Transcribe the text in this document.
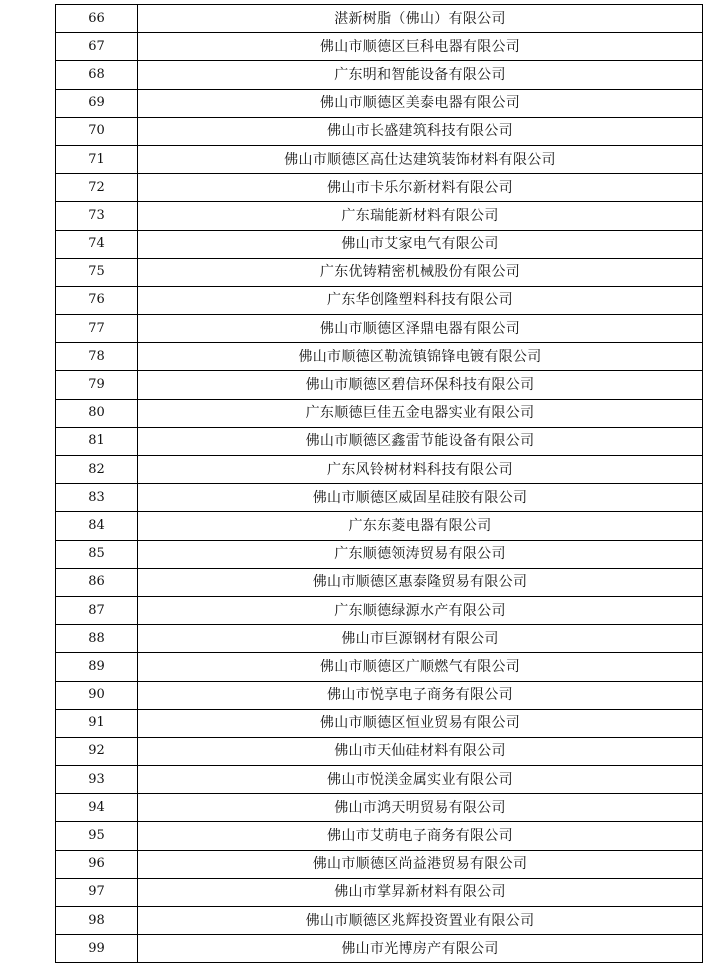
66	湛新树脂（佛山）有限公司
67	佛山市顺德区巨科电器有限公司
68	广东明和智能设备有限公司
69	佛山市顺德区美泰电器有限公司
70	佛山市长盛建筑科技有限公司
71	佛山市顺德区高仕达建筑装饰材料有限公司
72	佛山市卡乐尔新材料有限公司
73	广东瑞能新材料有限公司
74	佛山市艾家电气有限公司
75	广东优铸精密机械股份有限公司
76	广东华创隆塑料科技有限公司
77	佛山市顺德区泽鼎电器有限公司
78	佛山市顺德区勒流镇锦锋电镀有限公司
79	佛山市顺德区碧信环保科技有限公司
80	广东顺德巨佳五金电器实业有限公司
81	佛山市顺德区鑫雷节能设备有限公司
82	广东风铃树材料科技有限公司
83	佛山市顺德区威固星硅胶有限公司
84	广东东菱电器有限公司
85	广东顺德领涛贸易有限公司
86	佛山市顺德区惠泰隆贸易有限公司
87	广东顺德绿源水产有限公司
88	佛山市巨源钢材有限公司
89	佛山市顺德区广顺燃气有限公司
90	佛山市悦享电子商务有限公司
91	佛山市顺德区恒业贸易有限公司
92	佛山市天仙硅材料有限公司
93	佛山市悦渼金属实业有限公司
94	佛山市鸿天明贸易有限公司
95	佛山市艾萌电子商务有限公司
96	佛山市顺德区尚益港贸易有限公司
97	佛山市掌昇新材料有限公司
98	佛山市顺德区兆辉投资置业有限公司
99	佛山市光博房产有限公司
